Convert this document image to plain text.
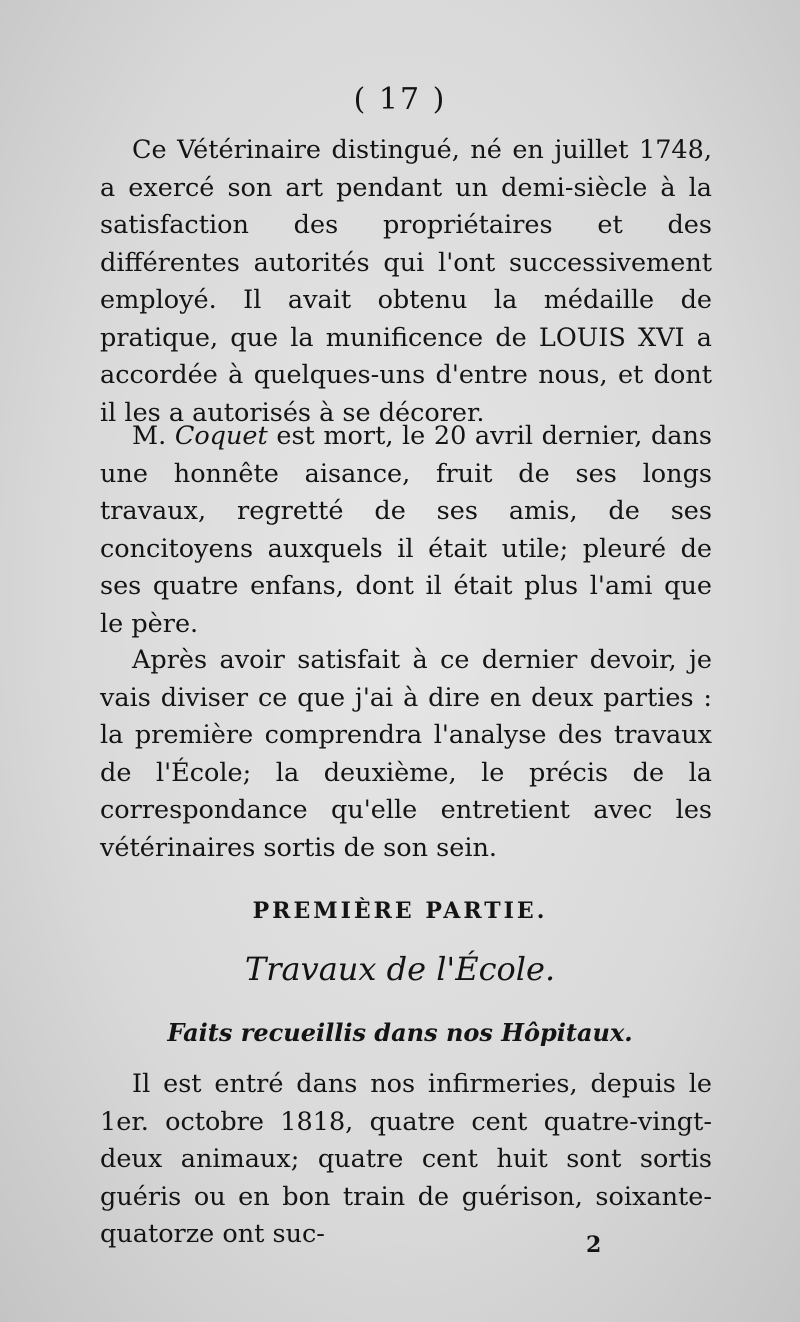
( 17 )

Ce Vétérinaire distingué, né en juillet 1748, a exercé son art pendant un demi-siècle à la satisfaction des propriétaires et des différentes autorités qui l'ont successivement employé. Il avait obtenu la médaille de pratique, que la munificence de LOUIS XVI a accordée à quelques-uns d'entre nous, et dont il les a autorisés à se décorer.

M. Coquet est mort, le 20 avril dernier, dans une honnête aisance, fruit de ses longs travaux, regretté de ses amis, de ses concitoyens auxquels il était utile; pleuré de ses quatre enfans, dont il était plus l'ami que le père.

Après avoir satisfait à ce dernier devoir, je vais diviser ce que j'ai à dire en deux parties : la première comprendra l'analyse des travaux de l'École; la deuxième, le précis de la correspondance qu'elle entretient avec les vétérinaires sortis de son sein.

PREMIÈRE PARTIE.
Travaux de l'École.
Faits recueillis dans nos Hôpitaux.

Il est entré dans nos infirmeries, depuis le 1er. octobre 1818, quatre cent quatre-vingt-deux animaux; quatre cent huit sont sortis guéris ou en bon train de guérison, soixante-quatorze ont suc-	2
